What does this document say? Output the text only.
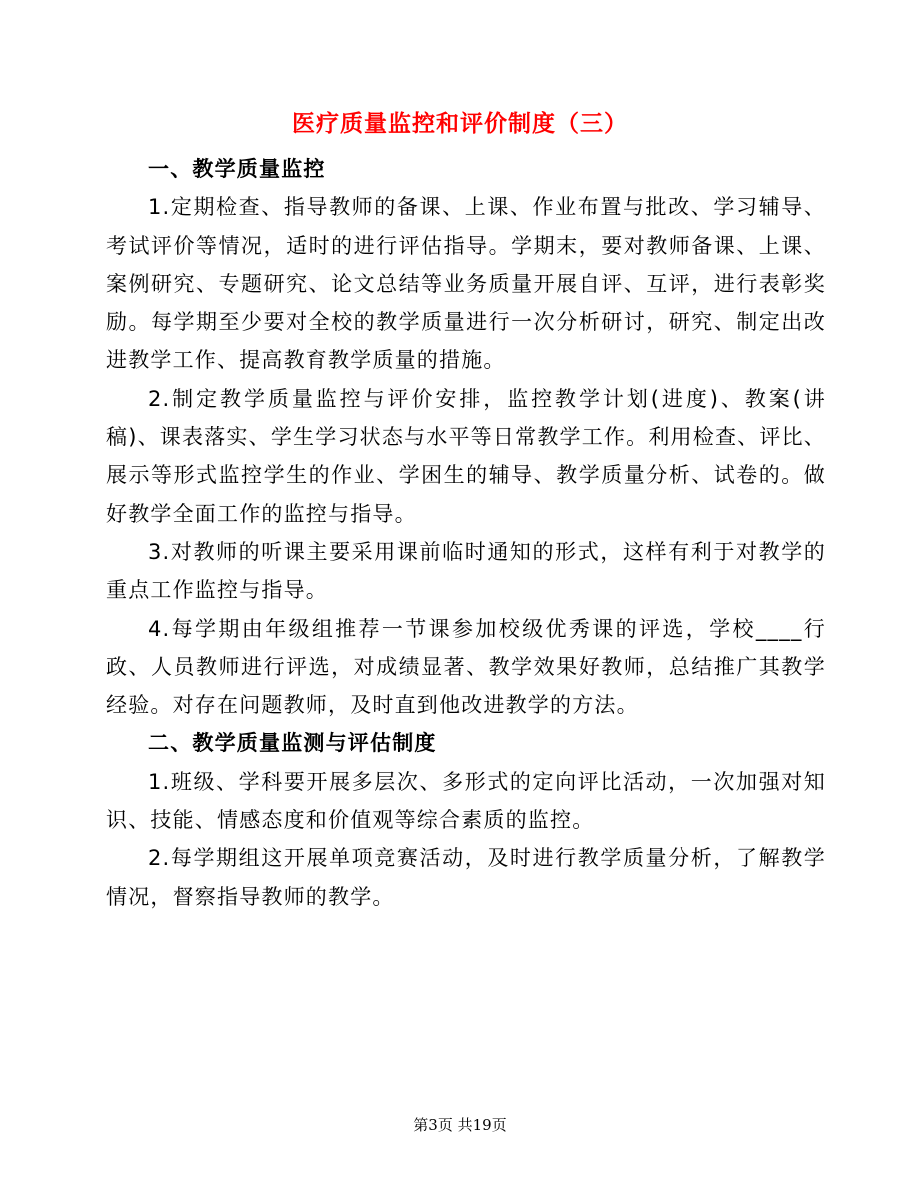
医疗质量监控和评价制度（三）

一、教学质量监控

1.定期检查、指导教师的备课、上课、作业布置与批改、学习辅导、考试评价等情况，适时的进行评估指导。学期末，要对教师备课、上课、案例研究、专题研究、论文总结等业务质量开展自评、互评，进行表彰奖励。每学期至少要对全校的教学质量进行一次分析研讨，研究、制定出改进教学工作、提高教育教学质量的措施。

2.制定教学质量监控与评价安排，监控教学计划(进度)、教案(讲稿)、课表落实、学生学习状态与水平等日常教学工作。利用检查、评比、展示等形式监控学生的作业、学困生的辅导、教学质量分析、试卷的。做好教学全面工作的监控与指导。

3.对教师的听课主要采用课前临时通知的形式，这样有利于对教学的重点工作监控与指导。

4.每学期由年级组推荐一节课参加校级优秀课的评选，学校____行政、人员教师进行评选，对成绩显著、教学效果好教师，总结推广其教学经验。对存在问题教师，及时直到他改进教学的方法。

二、教学质量监测与评估制度

1.班级、学科要开展多层次、多形式的定向评比活动，一次加强对知识、技能、情感态度和价值观等综合素质的监控。

2.每学期组这开展单项竞赛活动，及时进行教学质量分析，了解教学情况，督察指导教师的教学。

第3页 共19页
